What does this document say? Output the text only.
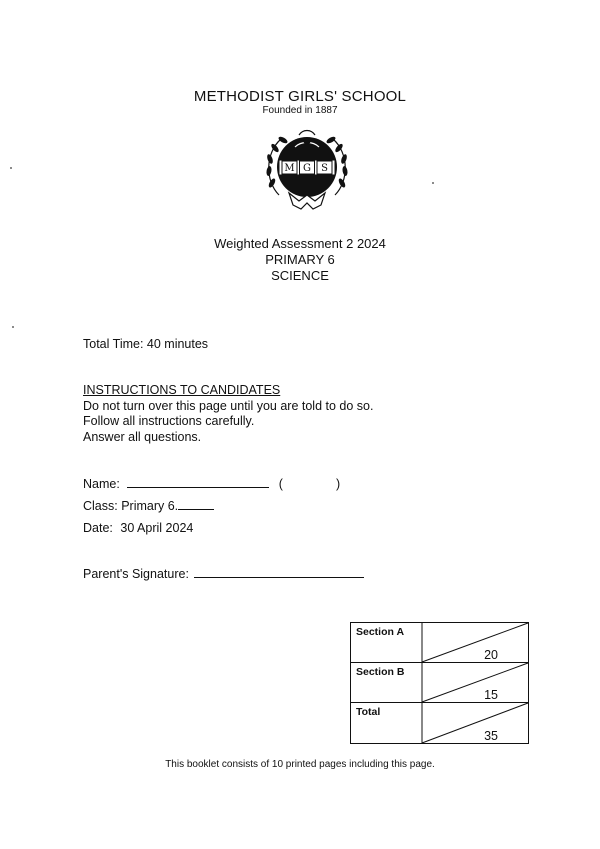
METHODIST GIRLS' SCHOOL
Founded in 1887
M G S
Weighted Assessment 2 2024
PRIMARY 6
SCIENCE
Total Time: 40 minutes
INSTRUCTIONS TO CANDIDATES
Do not turn over this page until you are told to do so.
Follow all instructions carefully.
Answer all questions.
Name:	(	)
Class: Primary 6.
Date: 30 April 2024
Parent's Signature:
Section A
Section B
Total
20
15
35
This booklet consists of 10 printed pages including this page.
